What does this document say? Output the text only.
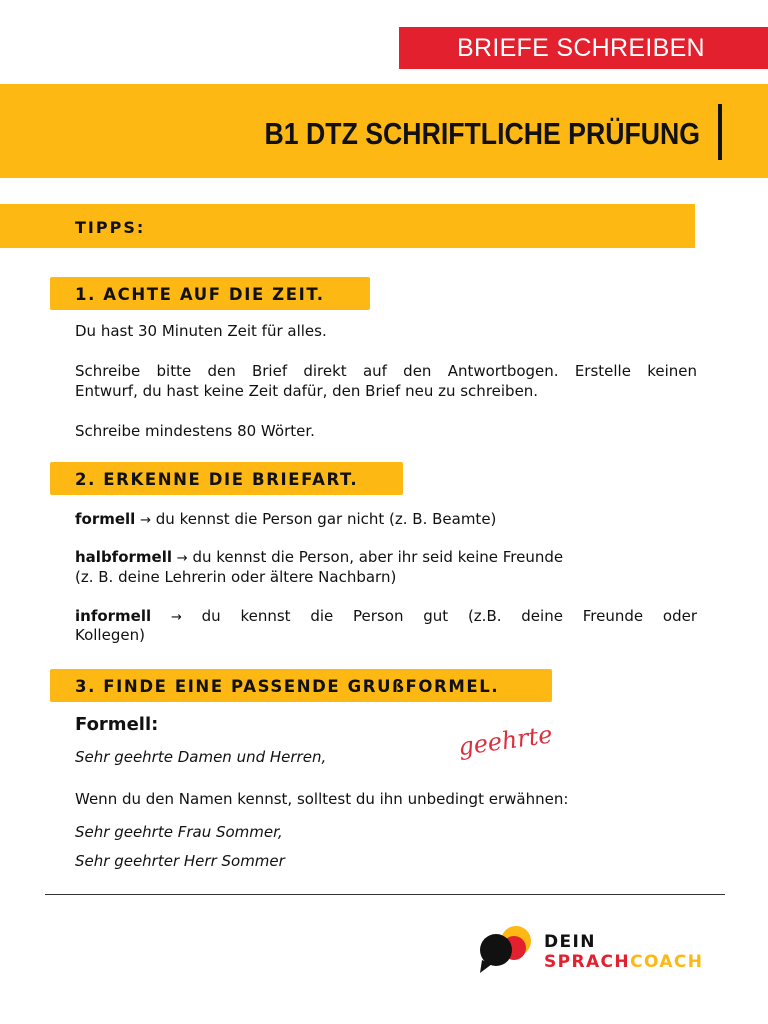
BRIEFE SCHREIBEN
B1 DTZ SCHRIFTLICHE PRÜFUNG
TIPPS:
1. ACHTE AUF DIE ZEIT.
Du hast 30 Minuten Zeit für alles.
Schreibe bitte den Brief direkt auf den Antwortbogen. Erstelle keinen
Entwurf, du hast keine Zeit dafür, den Brief neu zu schreiben.
Schreibe mindestens 80 Wörter.
2. ERKENNE DIE BRIEFART.
formell → du kennst die Person gar nicht (z. B. Beamte)
halbformell → du kennst die Person, aber ihr seid keine Freunde
(z. B. deine Lehrerin oder ältere Nachbarn)
informell → du kennst die Person gut (z.B. deine Freunde oder
Kollegen)
3. FINDE EINE PASSENDE GRUßFORMEL.
Formell:
Sehr geehrte Damen und Herren,	geehrte
Wenn du den Namen kennst, solltest du ihn unbedingt erwähnen:
Sehr geehrte Frau Sommer,
Sehr geehrter Herr Sommer
DEIN
SPRACHCOACH
